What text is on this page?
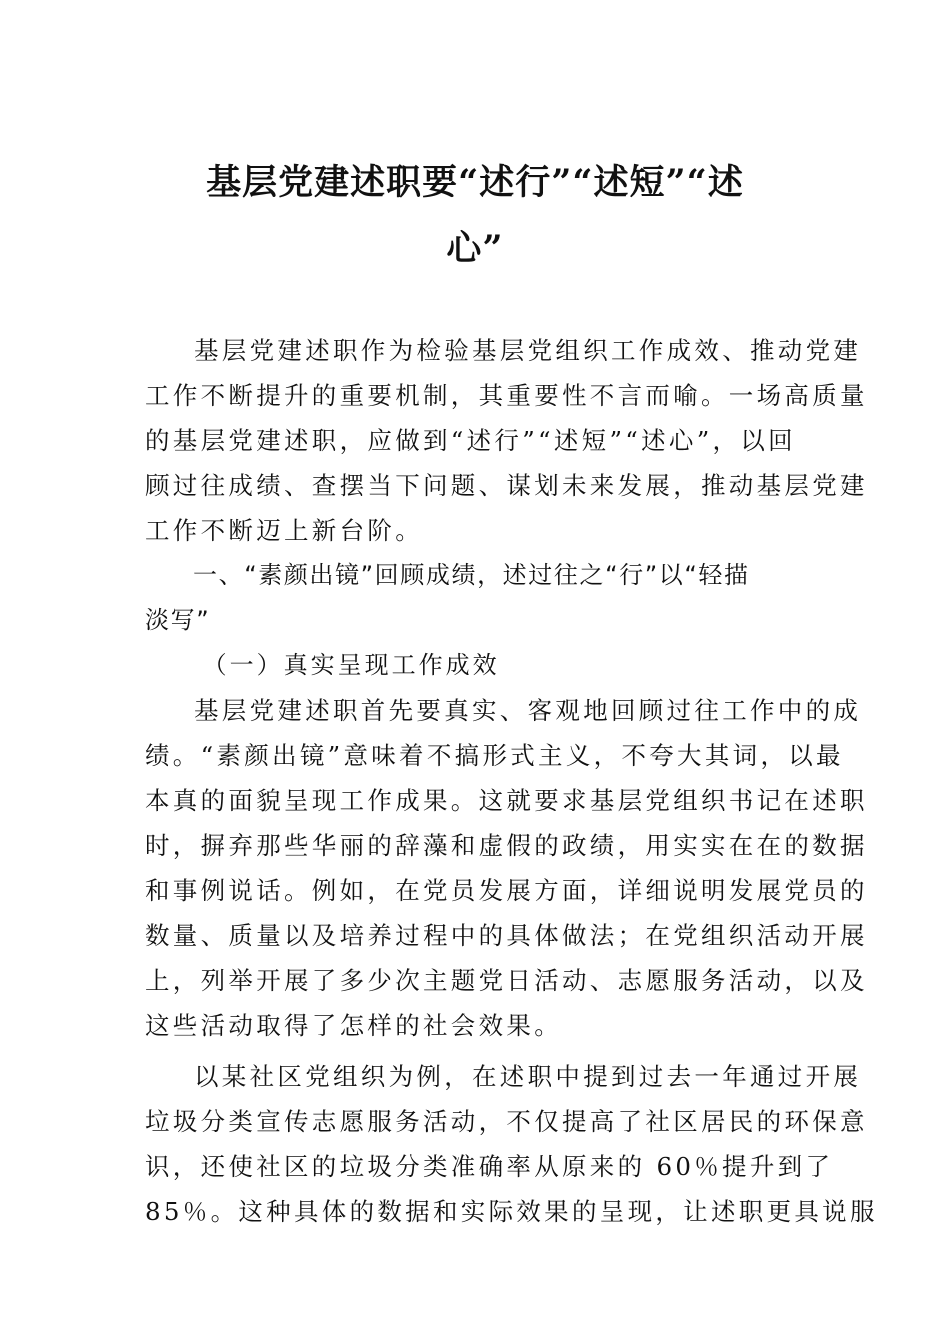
基层党建述职要“述行”“述短”“述
心”

基层党建述职作为检验基层党组织工作成效、推动党建
工作不断提升的重要机制，其重要性不言而喻。一场高质量
的基层党建述职，应做到“述行”“述短”“述心”，以回
顾过往成绩、查摆当下问题、谋划未来发展，推动基层党建
工作不断迈上新台阶。

一、“素颜出镜”回顾成绩，述过往之“行”以“轻描
淡写”

（一）真实呈现工作成效

基层党建述职首先要真实、客观地回顾过往工作中的成
绩。“素颜出镜”意味着不搞形式主义，不夸大其词，以最
本真的面貌呈现工作成果。这就要求基层党组织书记在述职
时，摒弃那些华丽的辞藻和虚假的政绩，用实实在在的数据
和事例说话。例如，在党员发展方面，详细说明发展党员的
数量、质量以及培养过程中的具体做法；在党组织活动开展
上，列举开展了多少次主题党日活动、志愿服务活动，以及
这些活动取得了怎样的社会效果。

以某社区党组织为例，在述职中提到过去一年通过开展
垃圾分类宣传志愿服务活动，不仅提高了社区居民的环保意
识，还使社区的垃圾分类准确率从原来的 60％提升到了
85％。这种具体的数据和实际效果的呈现，让述职更具说服
